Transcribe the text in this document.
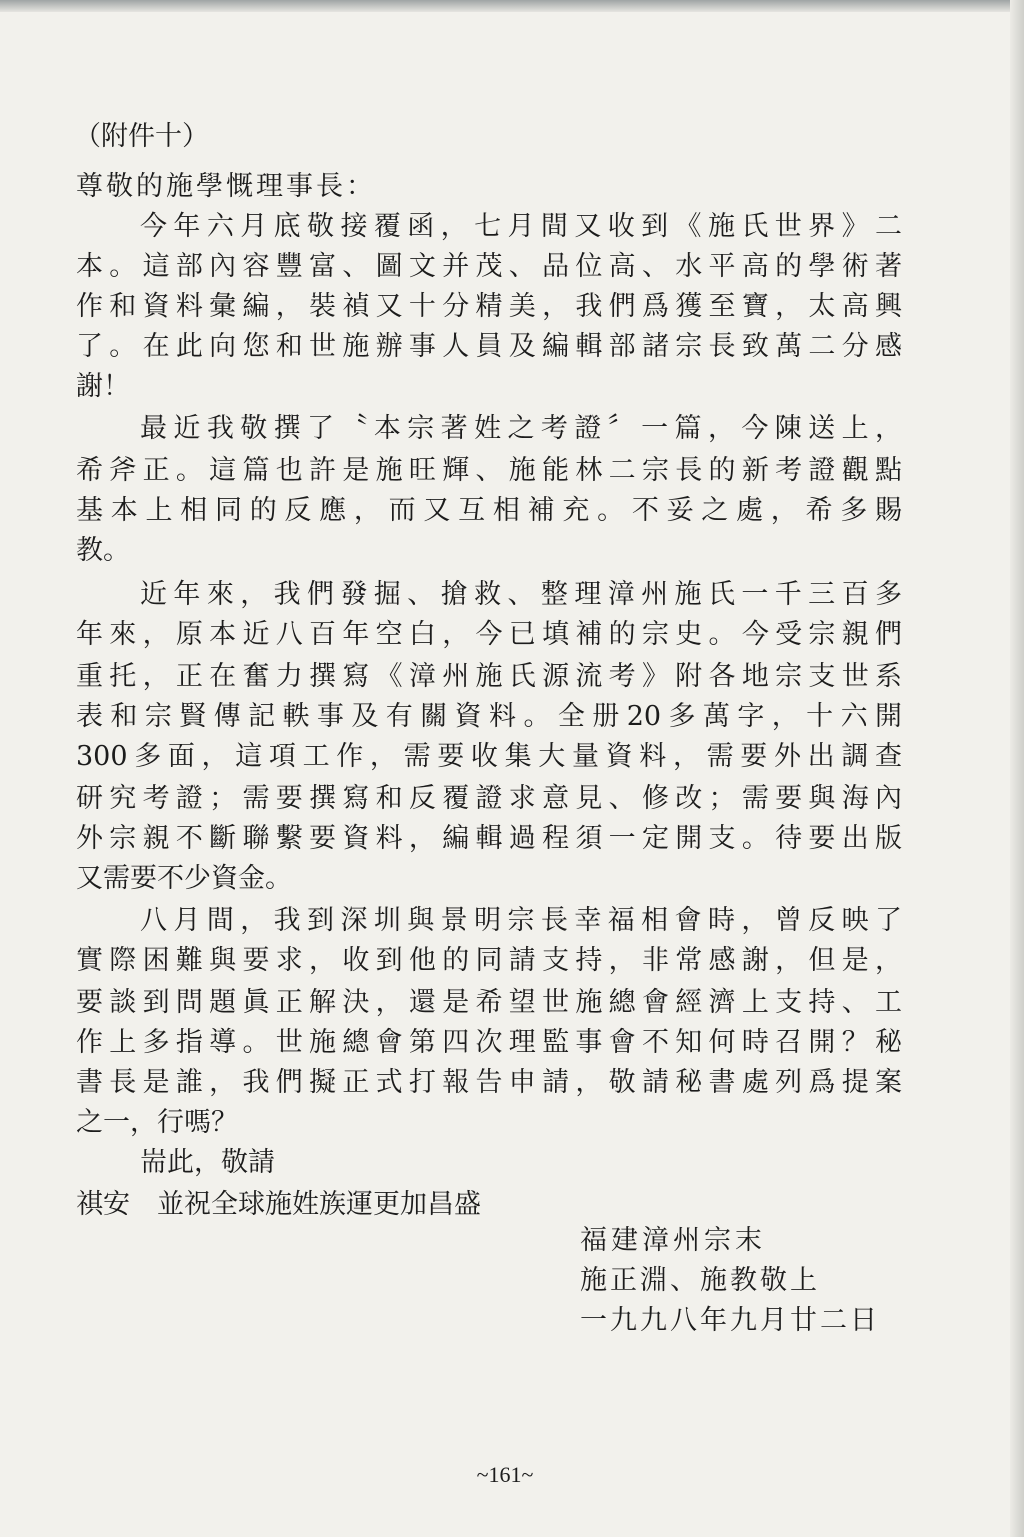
（附件十）

尊敬的施學慨理事長：

今年六月底敬接覆函，七月間又收到《施氏世界》二

本。這部內容豐富、圖文并茂、品位高、水平高的學術著

作和資料彙編，裝禎又十分精美，我們爲獲至寶，太高興

了。在此向您和世施辦事人員及編輯部諸宗長致萬二分感

謝！

最近我敬撰了〝本宗著姓之考證〞一篇，今陳送上，

希斧正。這篇也許是施旺輝、施能林二宗長的新考證觀點

基本上相同的反應，而又互相補充。不妥之處，希多賜

教。

近年來，我們發掘、搶救、整理漳州施氏一千三百多

年來，原本近八百年空白，今已填補的宗史。今受宗親們

重托，正在奮力撰寫《漳州施氏源流考》附各地宗支世系

表和宗賢傳記軼事及有關資料。全册20多萬字，十六開

300多面，這項工作，需要收集大量資料，需要外出調查

研究考證；需要撰寫和反覆證求意見、修改；需要與海內

外宗親不斷聯繫要資料，編輯過程須一定開支。待要出版

又需要不少資金。

八月間，我到深圳與景明宗長幸福相會時，曾反映了

實際困難與要求，收到他的同請支持，非常感謝，但是，

要談到問題眞正解決，還是希望世施總會經濟上支持、工

作上多指導。世施總會第四次理監事會不知何時召開？秘

書長是誰，我們擬正式打報告申請，敬請秘書處列爲提案

之一，行嗎？

耑此，敬請

祺安　並祝全球施姓族運更加昌盛

福建漳州宗末

施正淵、施教敬上

一九九八年九月廿二日

~161~
